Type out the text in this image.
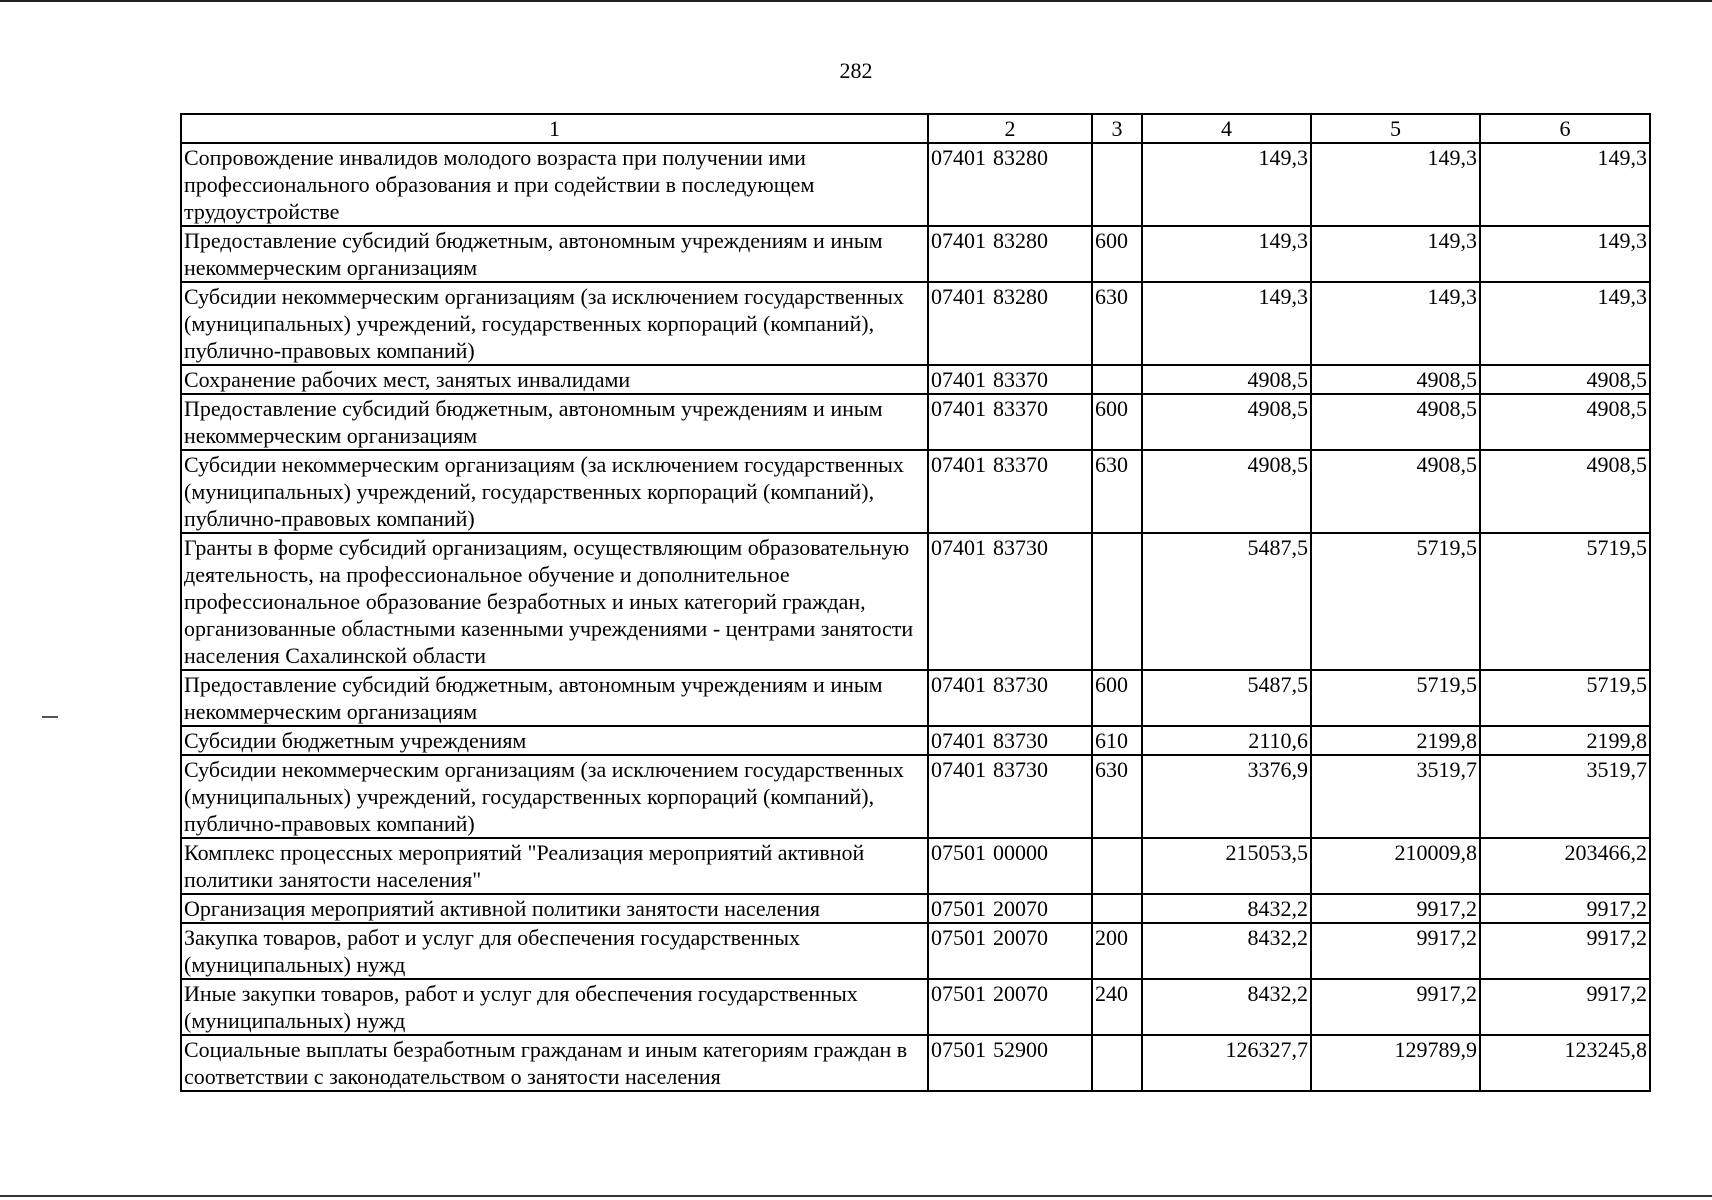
282
1	2	3	4	5	6
Сопровождение инвалидов молодого возраста при получении ими профессионального образования и при содействии в последующем трудоустройстве	07401 83280		149,3	149,3	149,3
Предоставление субсидий бюджетным, автономным учреждениям и иным некоммерческим организациям	07401 83280	600	149,3	149,3	149,3
Субсидии некоммерческим организациям (за исключением государственных (муниципальных) учреждений, государственных корпораций (компаний), публично-правовых компаний)	07401 83280	630	149,3	149,3	149,3
Сохранение рабочих мест, занятых инвалидами	07401 83370		4908,5	4908,5	4908,5
Предоставление субсидий бюджетным, автономным учреждениям и иным некоммерческим организациям	07401 83370	600	4908,5	4908,5	4908,5
Субсидии некоммерческим организациям (за исключением государственных (муниципальных) учреждений, государственных корпораций (компаний), публично-правовых компаний)	07401 83370	630	4908,5	4908,5	4908,5
Гранты в форме субсидий организациям, осуществляющим образовательную деятельность, на профессиональное обучение и дополнительное профессиональное образование безработных и иных категорий граждан, организованные областными казенными учреждениями - центрами занятости населения Сахалинской области	07401 83730		5487,5	5719,5	5719,5
Предоставление субсидий бюджетным, автономным учреждениям и иным некоммерческим организациям	07401 83730	600	5487,5	5719,5	5719,5
Субсидии бюджетным учреждениям	07401 83730	610	2110,6	2199,8	2199,8
Субсидии некоммерческим организациям (за исключением государственных (муниципальных) учреждений, государственных корпораций (компаний), публично-правовых компаний)	07401 83730	630	3376,9	3519,7	3519,7
Комплекс процессных мероприятий "Реализация мероприятий активной политики занятости населения"	07501 00000		215053,5	210009,8	203466,2
Организация мероприятий активной политики занятости населения	07501 20070		8432,2	9917,2	9917,2
Закупка товаров, работ и услуг для обеспечения государственных (муниципальных) нужд	07501 20070	200	8432,2	9917,2	9917,2
Иные закупки товаров, работ и услуг для обеспечения государственных (муниципальных) нужд	07501 20070	240	8432,2	9917,2	9917,2
Социальные выплаты безработным гражданам и иным категориям граждан в соответствии с законодательством о занятости населения	07501 52900		126327,7	129789,9	123245,8
